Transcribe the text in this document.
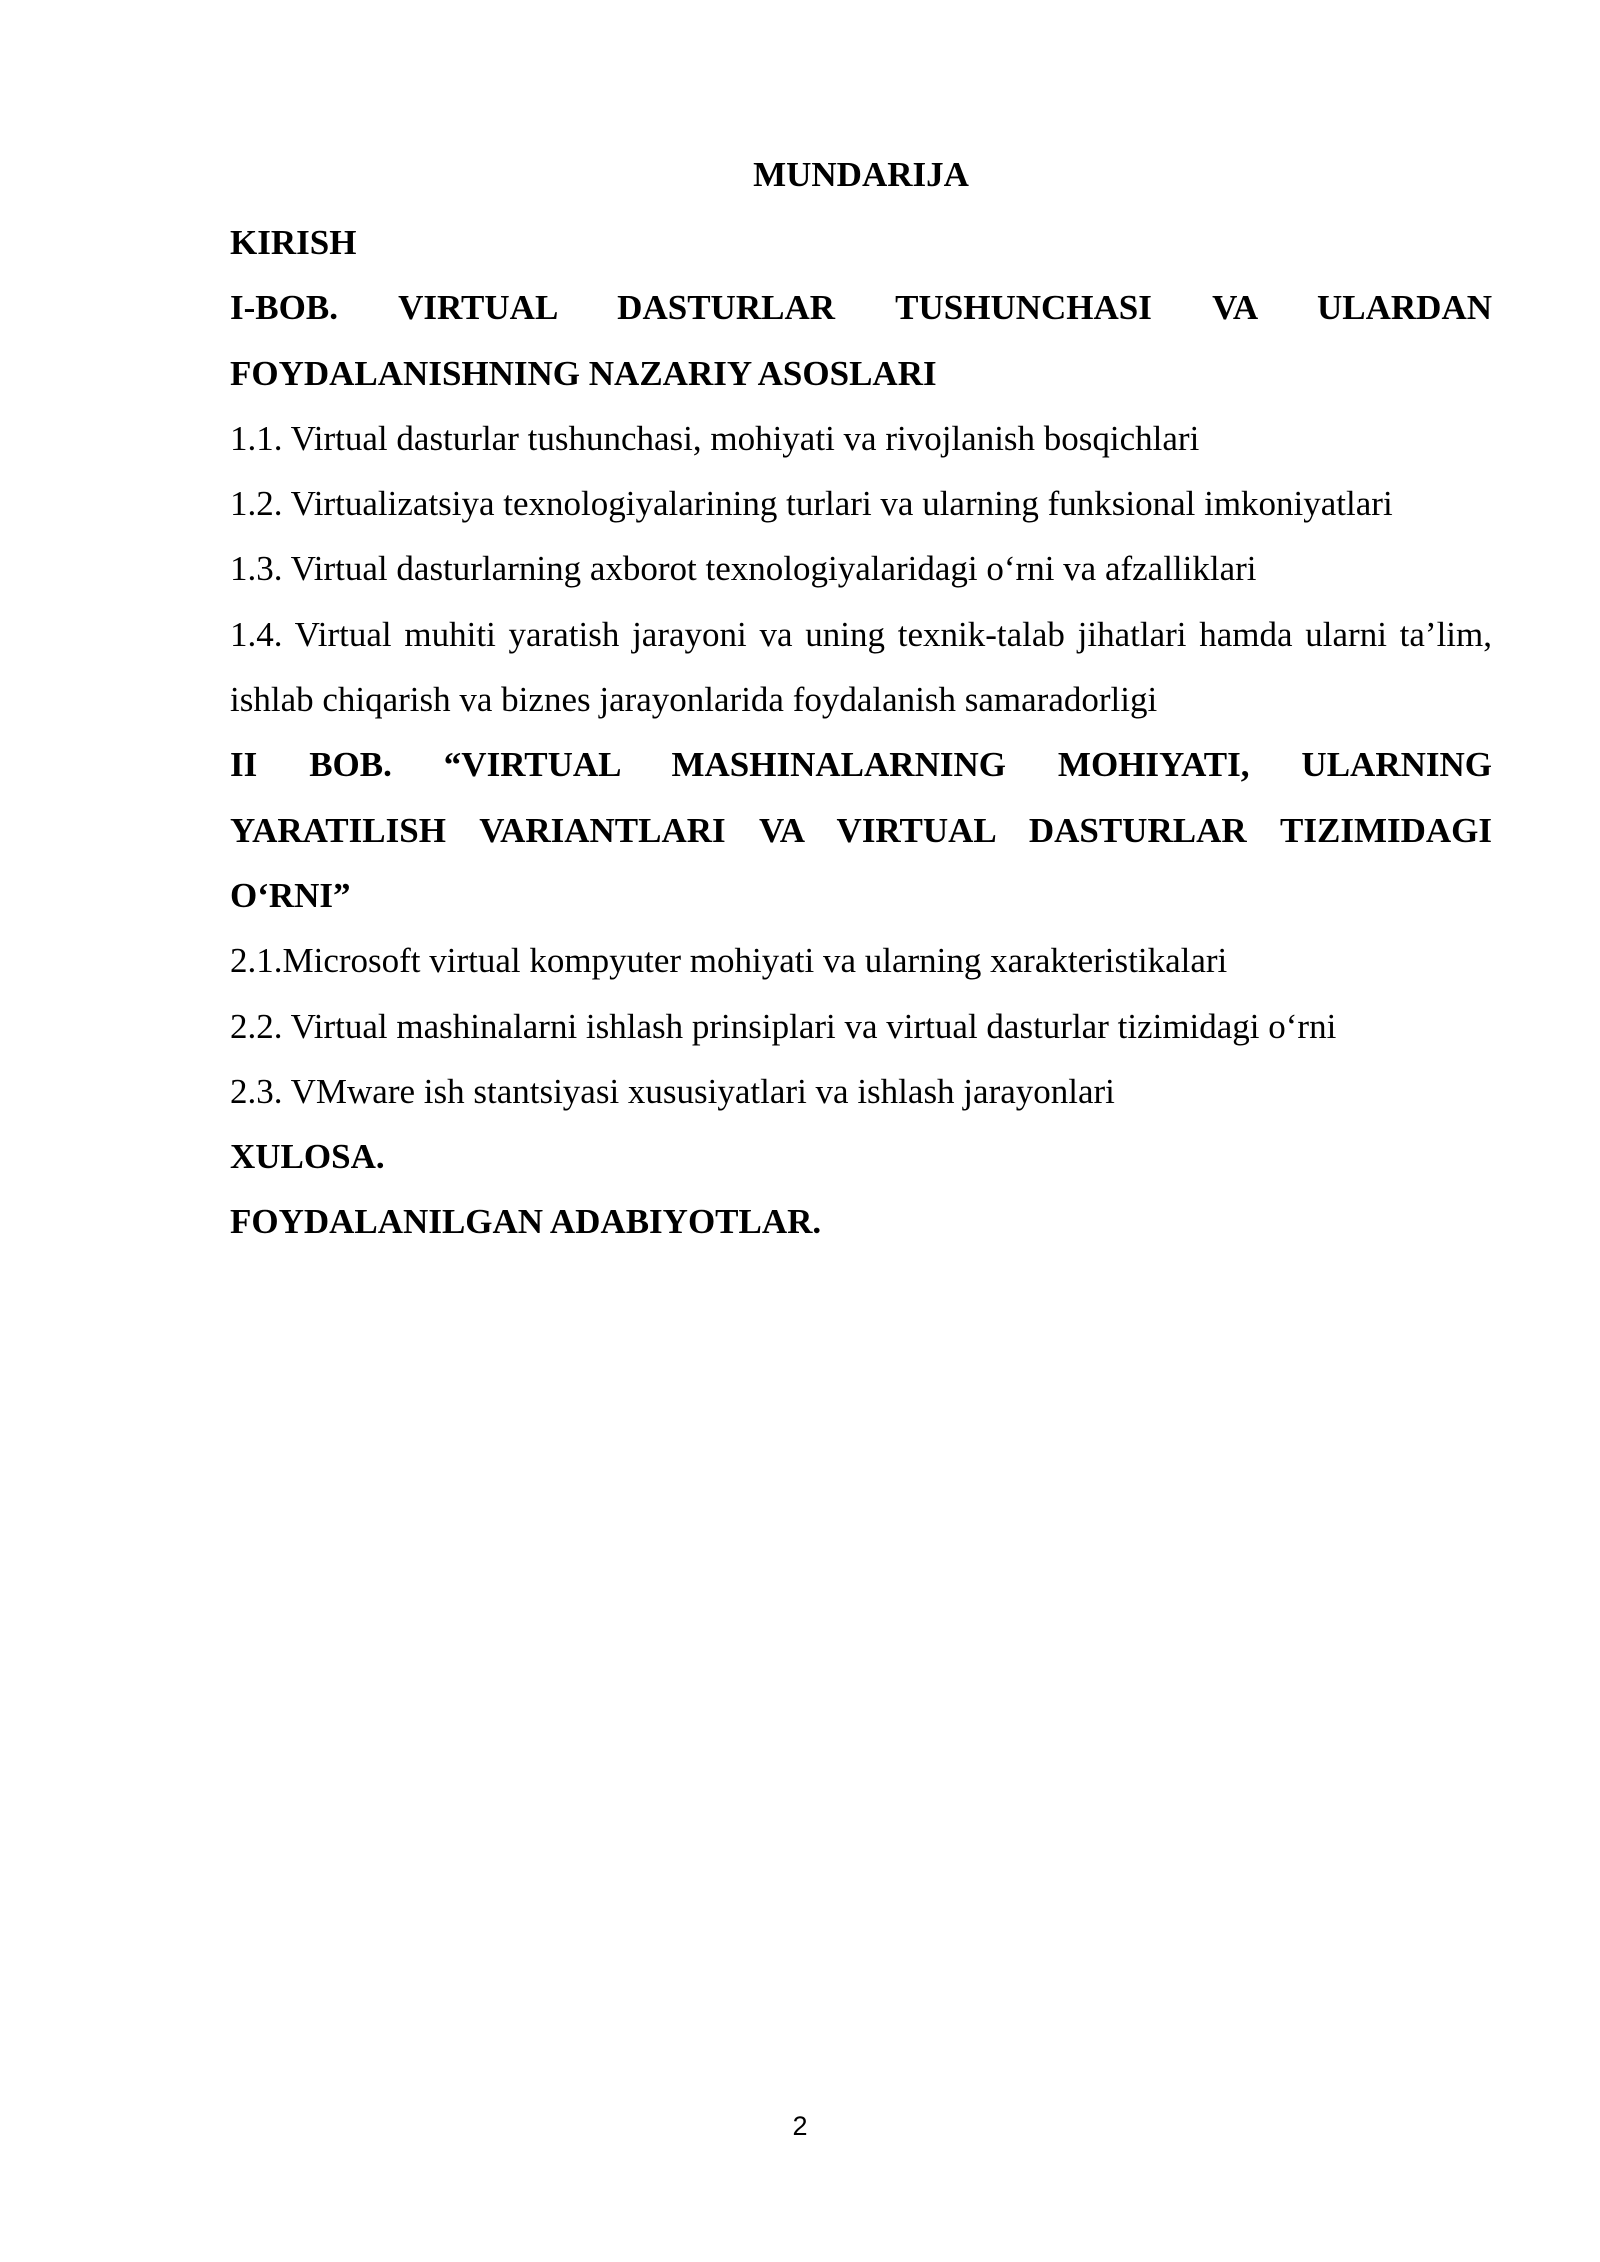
MUNDARIJA

KIRISH

I-BOB. VIRTUAL DASTURLAR TUSHUNCHASI VA ULARDAN FOYDALANISHNING NAZARIY ASOSLARI

1.1. Virtual dasturlar tushunchasi, mohiyati va rivojlanish bosqichlari

1.2. Virtualizatsiya texnologiyalarining turlari va ularning funksional imkoniyatlari

1.3. Virtual dasturlarning axborot texnologiyalaridagi o‘rni va afzalliklari

1.4. Virtual muhiti yaratish jarayoni va uning texnik-talab jihatlari hamda ularni ta’lim, ishlab chiqarish va biznes jarayonlarida foydalanish samaradorligi

II BOB. “VIRTUAL MASHINALARNING MOHIYATI, ULARNING YARATILISH VARIANTLARI VA VIRTUAL DASTURLAR TIZIMIDAGI O‘RNI”

2.1.Microsoft virtual kompyuter mohiyati va ularning xarakteristikalari

2.2. Virtual mashinalarni ishlash prinsiplari va virtual dasturlar tizimidagi o‘rni

2.3. VMware ish stantsiyasi xususiyatlari va ishlash jarayonlari

XULOSA.

FOYDALANILGAN ADABIYOTLAR.

2
